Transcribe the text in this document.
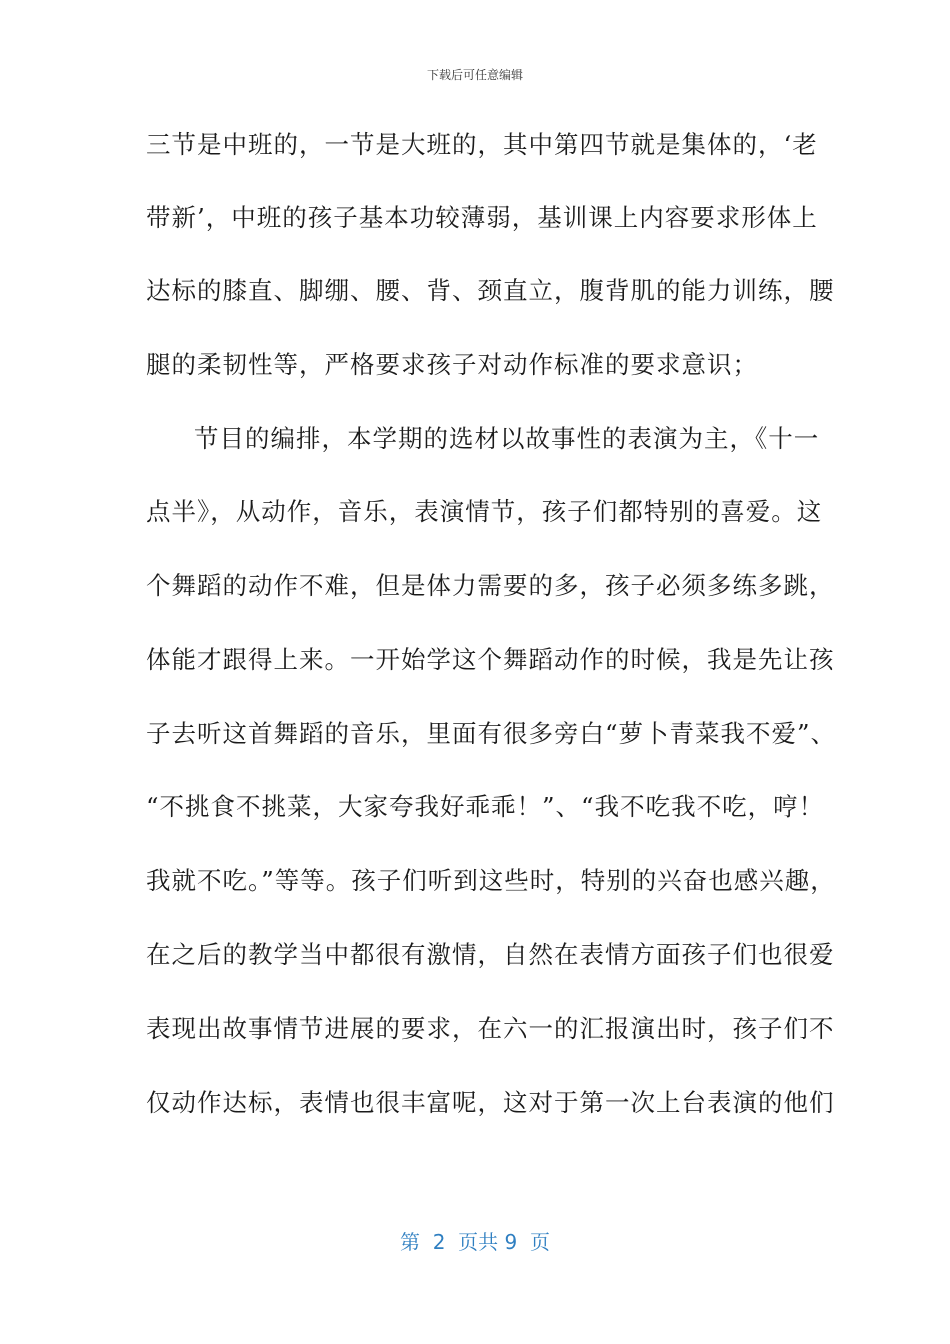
下载后可任意编辑
三节是中班的，一节是大班的，其中第四节就是集体的，‘老
带新’，中班的孩子基本功较薄弱，基训课上内容要求形体上
达标的膝直、脚绷、腰、背、颈直立，腹背肌的能力训练，腰
腿的柔韧性等，严格要求孩子对动作标准的要求意识；
节目的编排，本学期的选材以故事性的表演为主，《十一
点半》，从动作，音乐，表演情节，孩子们都特别的喜爱。这
个舞蹈的动作不难，但是体力需要的多，孩子必须多练多跳，
体能才跟得上来。一开始学这个舞蹈动作的时候，我是先让孩
子去听这首舞蹈的音乐，里面有很多旁白“萝卜青菜我不爱”、
“不挑食不挑菜，大家夸我好乖乖！”、“我不吃我不吃，哼！
我就不吃。”等等。孩子们听到这些时，特别的兴奋也感兴趣，
在之后的教学当中都很有激情，自然在表情方面孩子们也很爱
表现出故事情节进展的要求，在六一的汇报演出时，孩子们不
仅动作达标，表情也很丰富呢，这对于第一次上台表演的他们
第  2  页共 9  页
